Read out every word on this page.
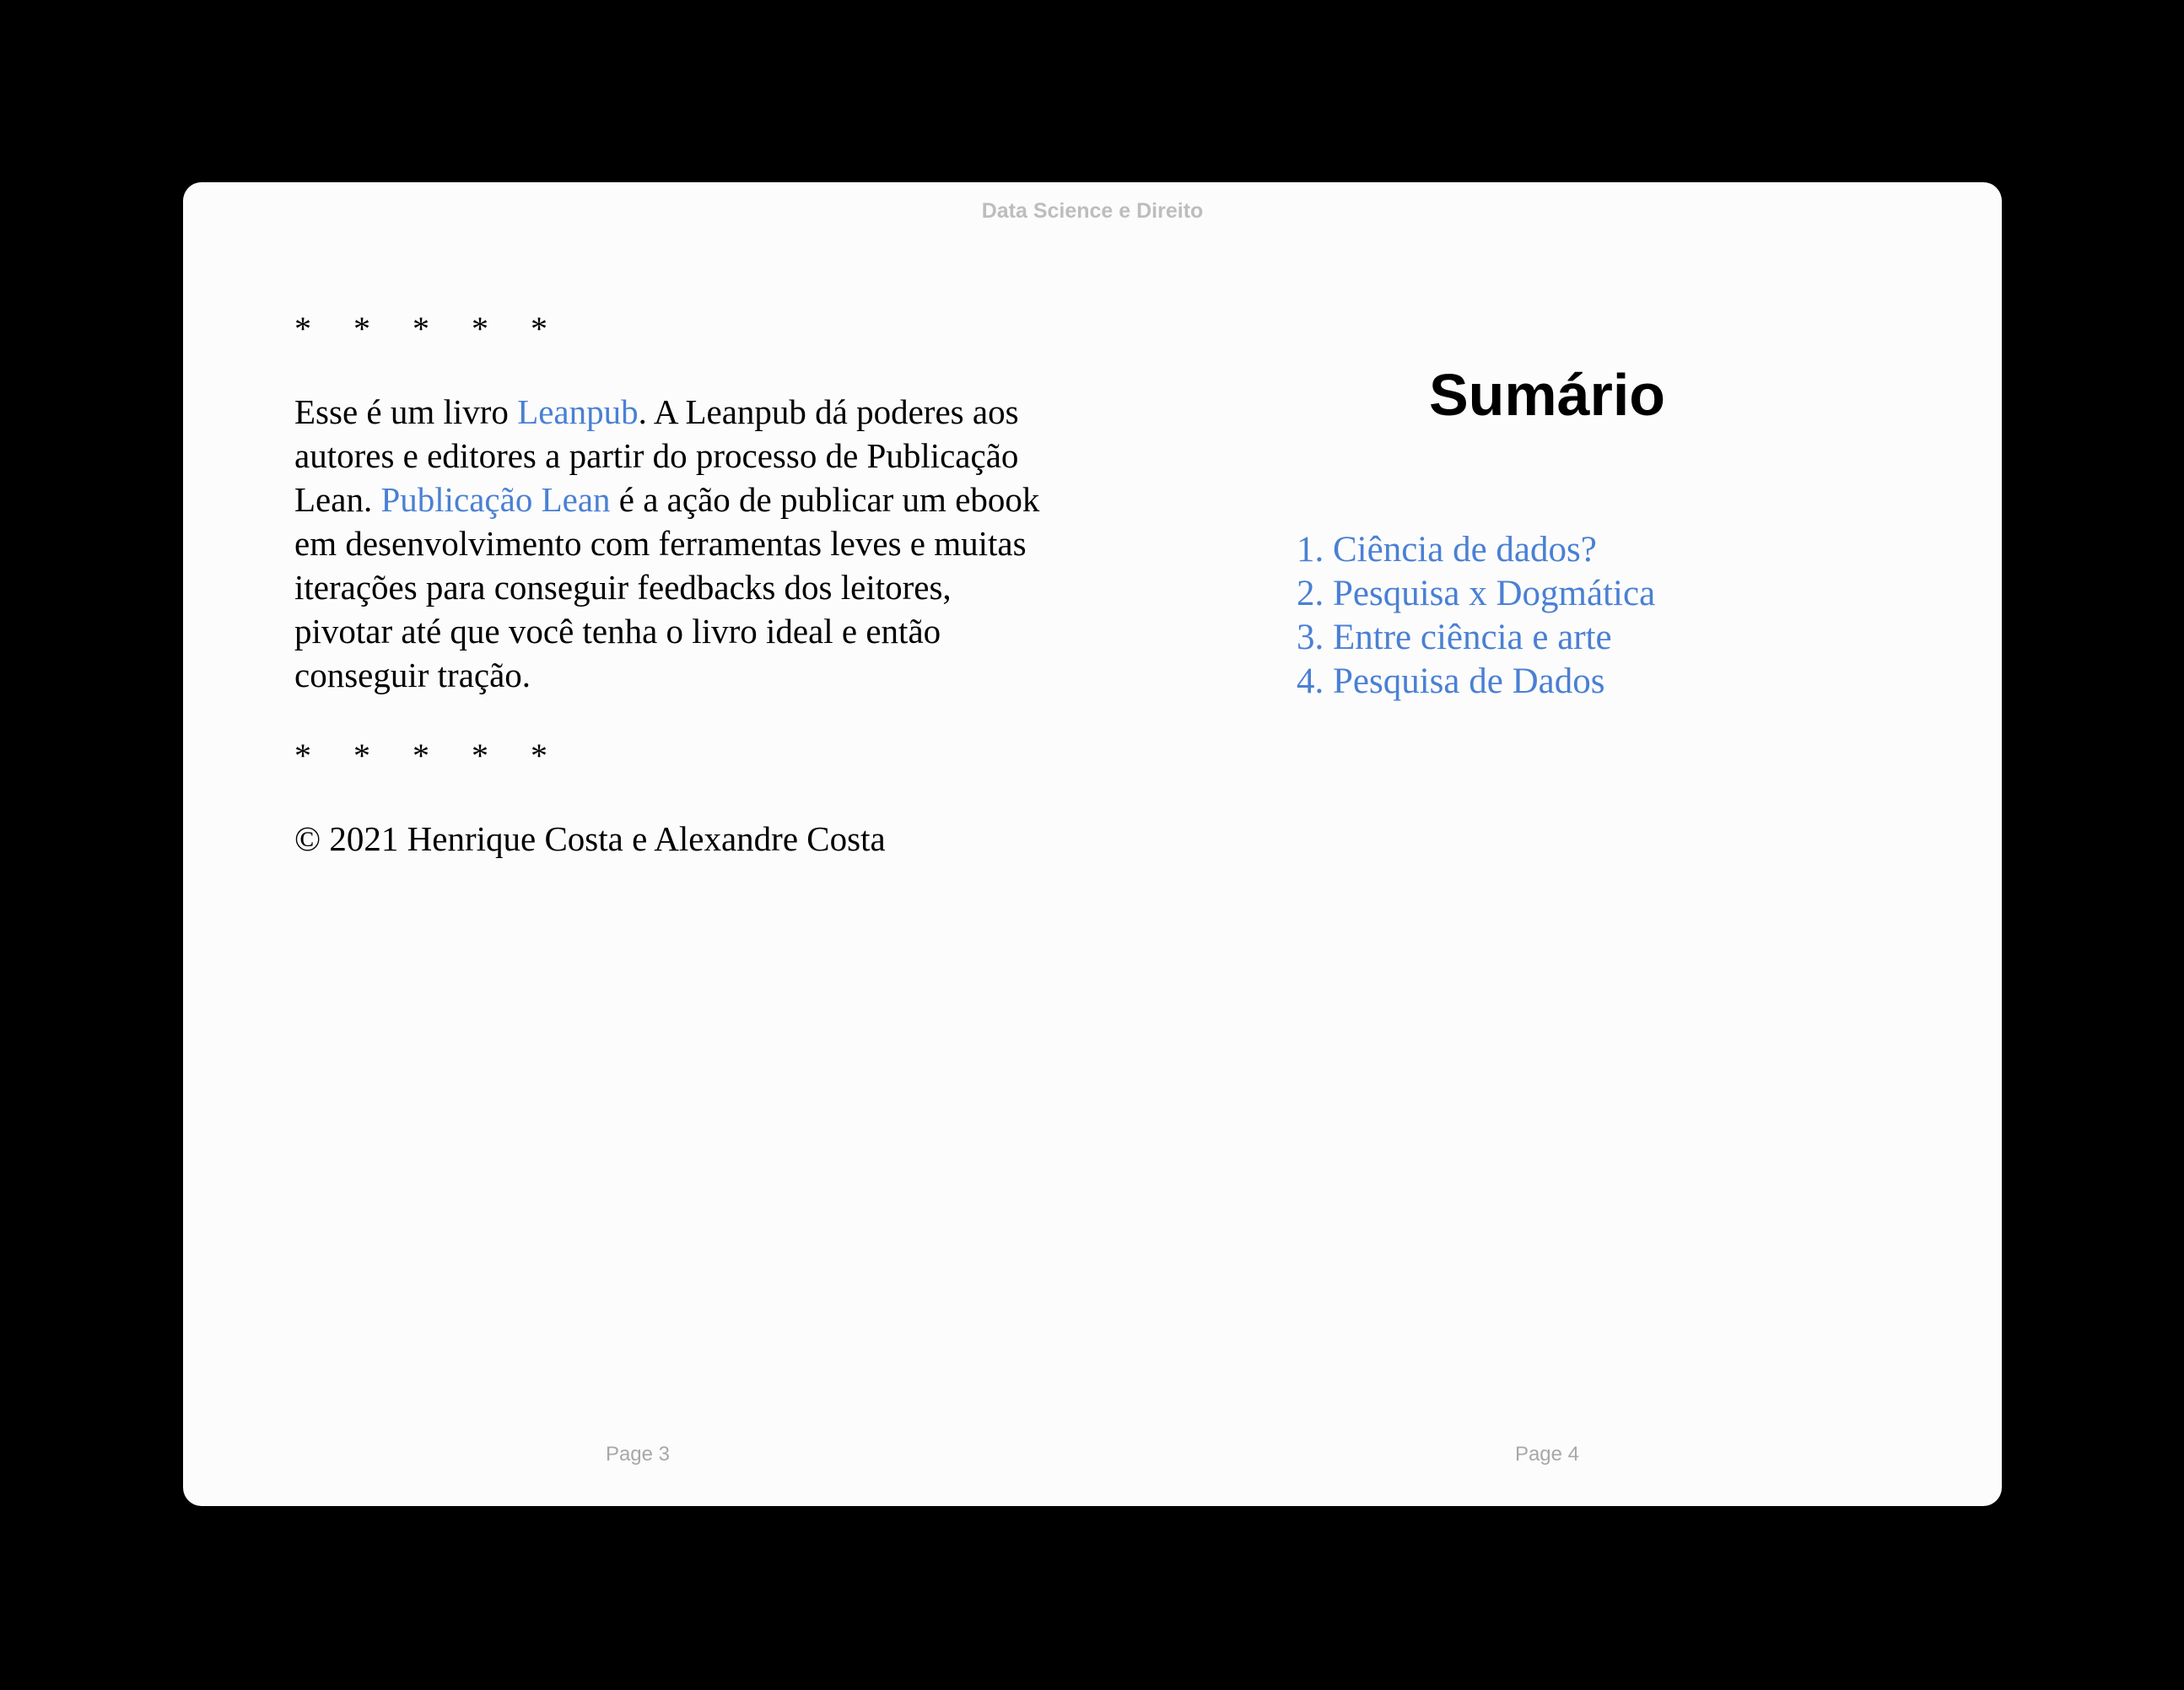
Data Science e Direito

* * * * *

Esse é um livro Leanpub. A Leanpub dá poderes aos autores e editores a partir do processo de Publicação Lean. Publicação Lean é a ação de publicar um ebook em desenvolvimento com ferramentas leves e muitas iterações para conseguir feedbacks dos leitores, pivotar até que você tenha o livro ideal e então conseguir tração.

* * * * *

© 2021 Henrique Costa e Alexandre Costa

Page 3
Sumário
1. Ciência de dados?
2. Pesquisa x Dogmática
3. Entre ciência e arte
4. Pesquisa de Dados
Page 4
